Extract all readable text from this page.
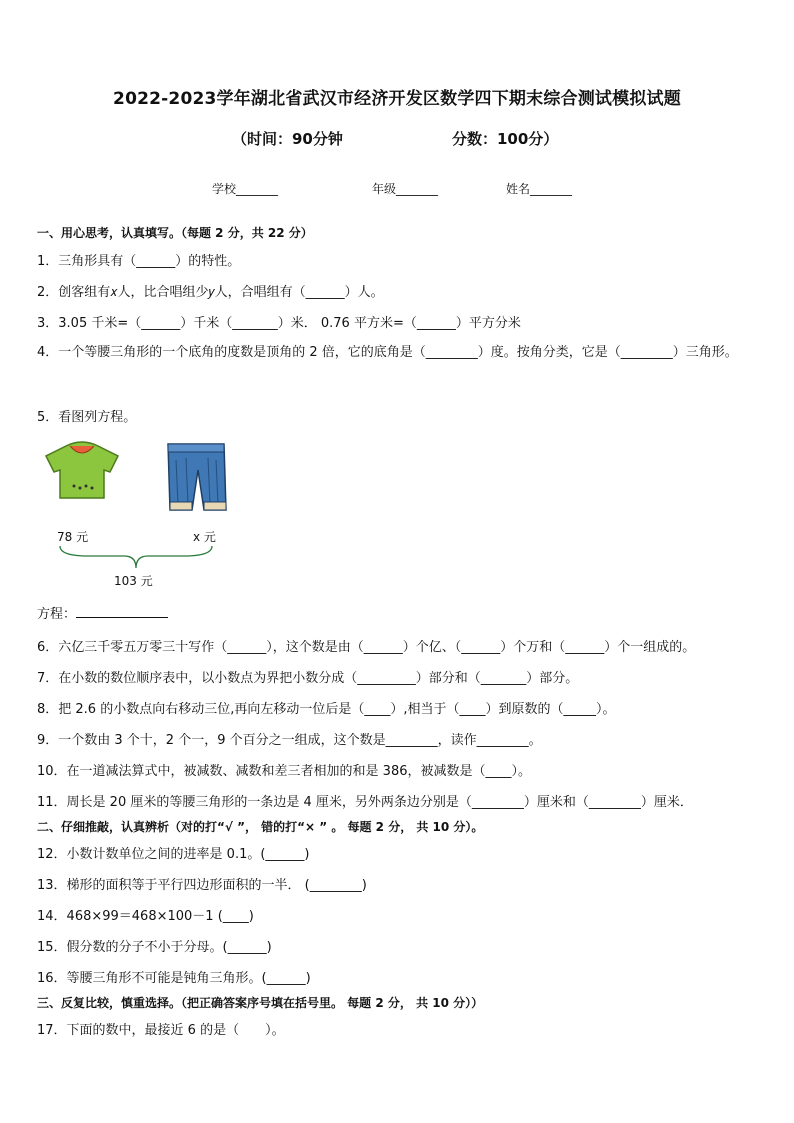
2022-2023学年湖北省武汉市经济开发区数学四下期末综合测试模拟试题
（时间：90分钟	分数：100分）
学校_______	年级_______	姓名_______
一、用心思考，认真填写。（每题 2 分，共 22 分）
1．三角形具有（______）的特性。
2．创客组有𝑥人，比合唱组少𝑦人，合唱组有（______）人。
3．3.05 千米=（______）千米（_______）米． 0.76 平方米=（______）平方分米
4．一个等腰三角形的一个底角的度数是顶角的 2 倍，它的底角是（________）度。按角分类，它是（________）三角形。
5．看图列方程。
78 元	x 元
103 元
方程：
6．六亿三千零五万零三十写作（______），这个数是由（______）个亿、（______）个万和（______）个一组成的。
7．在小数的数位顺序表中，以小数点为界把小数分成（_________）部分和（_______）部分。
8．把 2.6 的小数点向右移动三位,再向左移动一位后是（____）,相当于（____）到原数的（_____）。
9．一个数由 3 个十，2 个一，9 个百分之一组成，这个数是________，读作________。
10．在一道减法算式中，被减数、减数和差三者相加的和是 386，被减数是（____）。
11．周长是 20 厘米的等腰三角形的一条边是 4 厘米，另外两条边分别是（________）厘米和（________）厘米．
二、仔细推敲，认真辨析（对的打“√ ”， 错的打“× ” 。 每题 2 分， 共 10 分）。
12．小数计数单位之间的进率是 0.1。(______)
13．梯形的面积等于平行四边形面积的一半． (________)
14．468×99＝468×100－1 (____)
15．假分数的分子不小于分母。(______)
16．等腰三角形不可能是钝角三角形。(______)
三、反复比较，慎重选择。（把正确答案序号填在括号里。 每题 2 分， 共 10 分））
17．下面的数中，最接近 6 的是（　　）。
